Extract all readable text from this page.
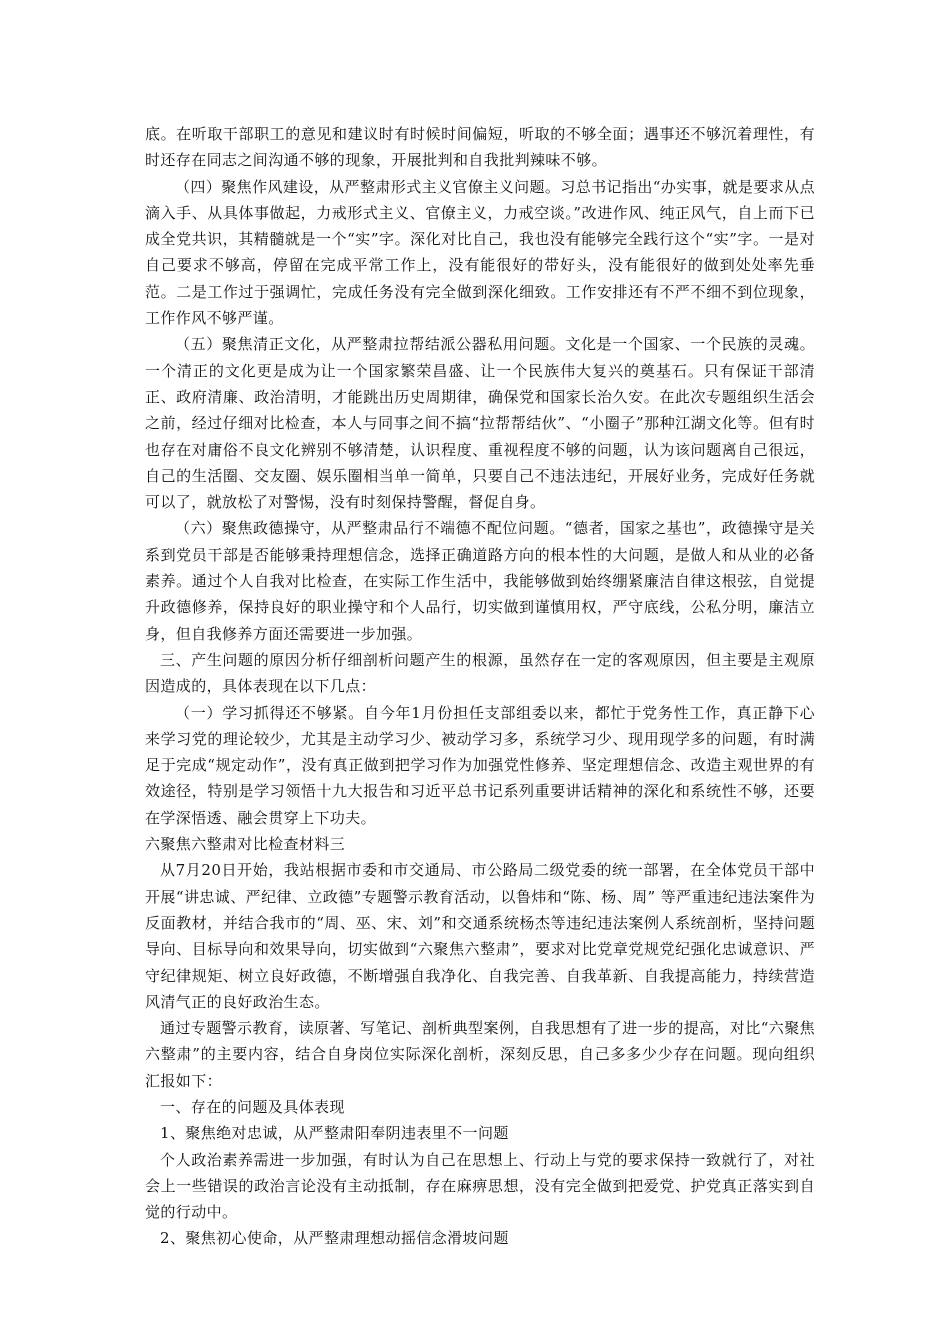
底。在听取干部职工的意见和建议时有时候时间偏短，听取的不够全面；遇事还不够沉着理性，有时还存在同志之间沟通不够的现象，开展批判和自我批判辣味不够。

（四）聚焦作风建设，从严整肃形式主义官僚主义问题。习总书记指出“办实事，就是要求从点滴入手、从具体事做起，力戒形式主义、官僚主义，力戒空谈。”改进作风、纯正风气，自上而下已成全党共识，其精髓就是一个“实”字。深化对比自己，我也没有能够完全践行这个“实”字。一是对自己要求不够高，停留在完成平常工作上，没有能很好的带好头，没有能很好的做到处处率先垂范。二是工作过于强调忙，完成任务没有完全做到深化细致。工作安排还有不严不细不到位现象，工作作风不够严谨。

（五）聚焦清正文化，从严整肃拉帮结派公器私用问题。文化是一个国家、一个民族的灵魂。一个清正的文化更是成为让一个国家繁荣昌盛、让一个民族伟大复兴的奠基石。只有保证干部清正、政府清廉、政治清明，才能跳出历史周期律，确保党和国家长治久安。在此次专题组织生活会之前，经过仔细对比检查，本人与同事之间不搞“拉帮帮结伙”、“小圈子”那种江湖文化等。但有时也存在对庸俗不良文化辨别不够清楚，认识程度、重视程度不够的问题，认为该问题离自己很远，自己的生活圈、交友圈、娱乐圈相当单一简单，只要自己不违法违纪，开展好业务，完成好任务就可以了，就放松了对警惕，没有时刻保持警醒，督促自身。

（六）聚焦政德操守，从严整肃品行不端德不配位问题。“德者，国家之基也”，政德操守是关系到党员干部是否能够秉持理想信念，选择正确道路方向的根本性的大问题，是做人和从业的必备素养。通过个人自我对比检查，在实际工作生活中，我能够做到始终绷紧廉洁自律这根弦，自觉提升政德修养，保持良好的职业操守和个人品行，切实做到谨慎用权，严守底线，公私分明，廉洁立身，但自我修养方面还需要进一步加强。

三、产生问题的原因分析仔细剖析问题产生的根源，虽然存在一定的客观原因，但主要是主观原因造成的，具体表现在以下几点：

（一）学习抓得还不够紧。自今年1月份担任支部组委以来，都忙于党务性工作，真正静下心来学习党的理论较少，尤其是主动学习少、被动学习多，系统学习少、现用现学多的问题，有时满足于完成“规定动作”，没有真正做到把学习作为加强党性修养、坚定理想信念、改造主观世界的有效途径，特别是学习领悟十九大报告和习近平总书记系列重要讲话精神的深化和系统性不够，还要在学深悟透、融会贯穿上下功夫。

六聚焦六整肃对比检查材料三

从7月20日开始，我站根据市委和市交通局、市公路局二级党委的统一部署，在全体党员干部中开展“讲忠诚、严纪律、立政德”专题警示教育活动，以鲁炜和“陈、杨、周” 等严重违纪违法案件为反面教材，并结合我市的“周、巫、宋、刘”和交通系统杨杰等违纪违法案例人系统剖析，坚持问题导向、目标导向和效果导向，切实做到“六聚焦六整肃”，要求对比党章党规党纪强化忠诚意识、严守纪律规矩、树立良好政德，不断增强自我净化、自我完善、自我革新、自我提高能力，持续营造风清气正的良好政治生态。

通过专题警示教育，读原著、写笔记、剖析典型案例，自我思想有了进一步的提高，对比“六聚焦六整肃”的主要内容，结合自身岗位实际深化剖析，深刻反思，自己多多少少存在问题。现向组织汇报如下：

一、存在的问题及具体表现

1、聚焦绝对忠诚，从严整肃阳奉阴违表里不一问题

个人政治素养需进一步加强，有时认为自己在思想上、行动上与党的要求保持一致就行了，对社会上一些错误的政治言论没有主动抵制，存在麻痹思想，没有完全做到把爱党、护党真正落实到自觉的行动中。

2、聚焦初心使命，从严整肃理想动摇信念滑坡问题
